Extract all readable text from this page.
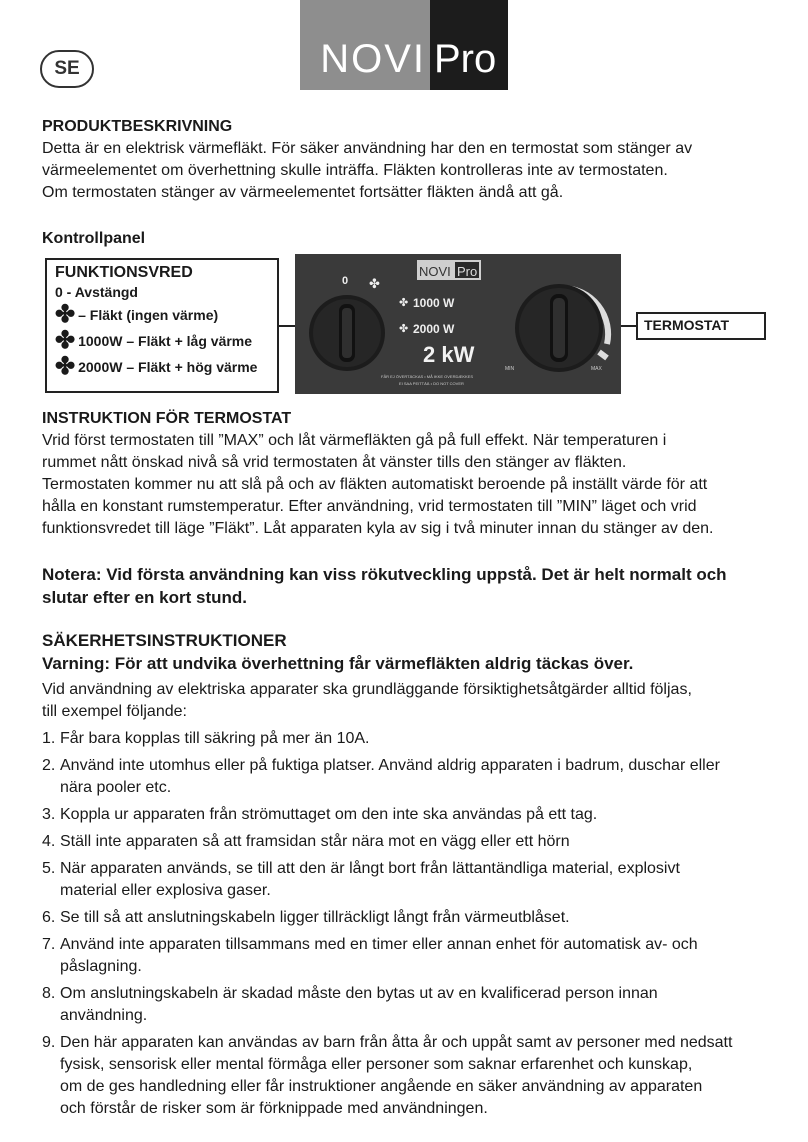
SE	NOVI Pro
PRODUKTBESKRIVNING
Detta är en elektrisk värmefläkt. För säker användning har den en termostat som stänger av
värmeelementet om överhettning skulle inträffa. Fläkten kontrolleras inte av termostaten.
Om termostaten stänger av värmeelementet fortsätter fläkten ändå att gå.
Kontrollpanel
FUNKTIONSVRED
0 - Avstängd
✤ – Fläkt (ingen värme)
✤ 1000W – Fläkt + låg värme
✤ 2000W – Fläkt + hög värme
NOVI Pro
0 ✤
✤ 1000 W
✤ 2000 W
2 kW
FÅR EJ ÖVERTÄCKAS • MÅ IKKE OVERDÆKKES
EI SAA PEITTÄÄ • DO NOT COVER
MIN	MAX
TERMOSTAT
INSTRUKTION FÖR TERMOSTAT
Vrid först termostaten till ”MAX” och låt värmefläkten gå på full effekt. När temperaturen i
rummet nått önskad nivå så vrid termostaten åt vänster tills den stänger av fläkten.
Termostaten kommer nu att slå på och av fläkten automatiskt beroende på inställt värde för att
hålla en konstant rumstemperatur. Efter användning, vrid termostaten till ”MIN” läget och vrid
funktionsvredet till läge ”Fläkt”. Låt apparaten kyla av sig i två minuter innan du stänger av den.
Notera: Vid första användning kan viss rökutveckling uppstå. Det är helt normalt och
slutar efter en kort stund.
SÄKERHETSINSTRUKTIONER
Varning: För att undvika överhettning får värmefläkten aldrig täckas över.
Vid användning av elektriska apparater ska grundläggande försiktighetsåtgärder alltid följas,
till exempel följande:
1. Får bara kopplas till säkring på mer än 10A.
2. Använd inte utomhus eller på fuktiga platser. Använd aldrig apparaten i badrum, duschar eller
nära pooler etc.
3. Koppla ur apparaten från strömuttaget om den inte ska användas på ett tag.
4. Ställ inte apparaten så att framsidan står nära mot en vägg eller ett hörn
5. När apparaten används, se till att den är långt bort från lättantändliga material, explosivt
material eller explosiva gaser.
6. Se till så att anslutningskabeln ligger tillräckligt långt från värmeutblåset.
7. Använd inte apparaten tillsammans med en timer eller annan enhet för automatisk av- och
påslagning.
8. Om anslutningskabeln är skadad måste den bytas ut av en kvalificerad person innan
användning.
9. Den här apparaten kan användas av barn från åtta år och uppåt samt av personer med nedsatt
fysisk, sensorisk eller mental förmåga eller personer som saknar erfarenhet och kunskap,
om de ges handledning eller får instruktioner angående en säker användning av apparaten
och förstår de risker som är förknippade med användningen.
